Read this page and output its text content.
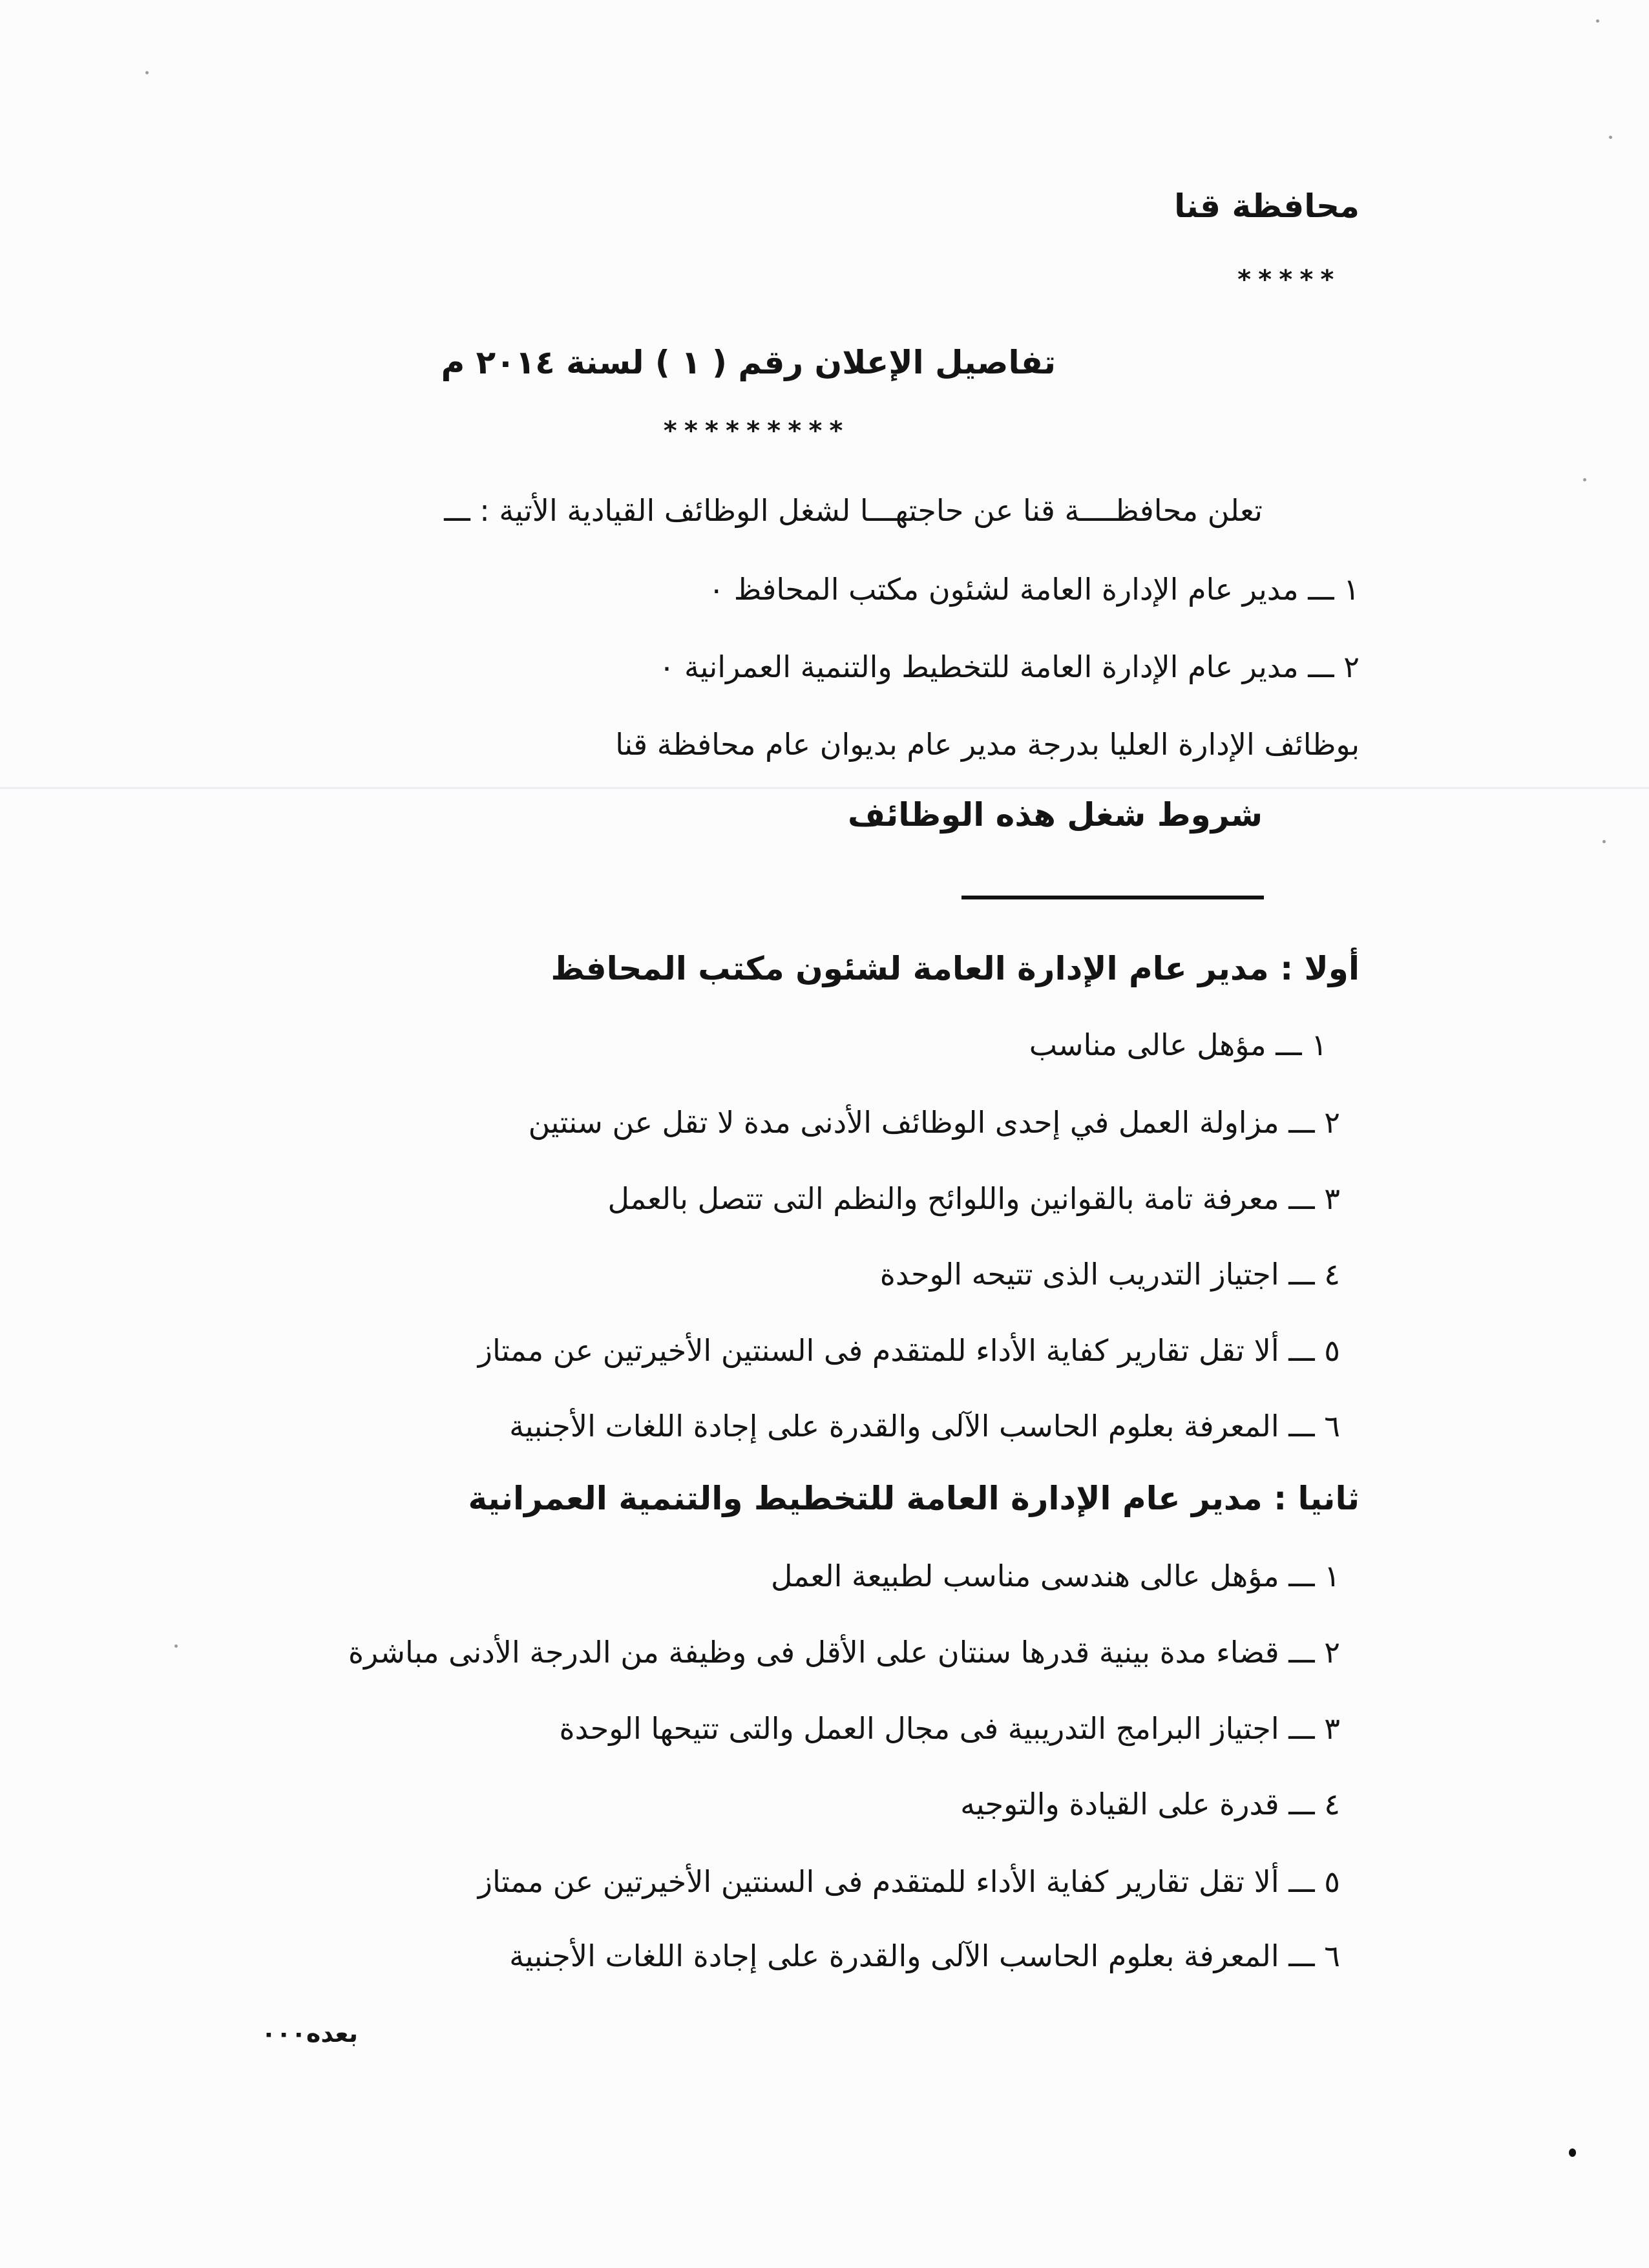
محافظة قنا
*****
تفاصيل الإعلان رقم ( ١ ) لسنة ٢٠١٤ م
*********
تعلن محافظــــة قنا عن حاجتهـــا لشغل الوظائف القيادية الأتية : ـــ
١ ـــ مدير عام الإدارة العامة لشئون مكتب المحافظ ٠
٢ ـــ مدير عام الإدارة العامة للتخطيط والتنمية العمرانية ٠
بوظائف الإدارة العليا بدرجة مدير عام بديوان عام محافظة قنا
شروط شغل هذه الوظائف
أولا : مدير عام الإدارة العامة لشئون مكتب المحافظ
١ ـــ مؤهل عالى مناسب
٢ ـــ مزاولة العمل في إحدى الوظائف الأدنى مدة لا تقل عن سنتين
٣ ـــ معرفة تامة بالقوانين واللوائح والنظم التى تتصل بالعمل
٤ ـــ اجتياز التدريب الذى تتيحه الوحدة
٥ ـــ ألا تقل تقارير كفاية الأداء للمتقدم فى السنتين الأخيرتين عن ممتاز
٦ ـــ المعرفة بعلوم الحاسب الآلى والقدرة على إجادة اللغات الأجنبية
ثانيا : مدير عام الإدارة العامة للتخطيط والتنمية العمرانية
١ ـــ مؤهل عالى هندسى مناسب لطبيعة العمل
٢ ـــ قضاء مدة بينية قدرها سنتان على الأقل فى وظيفة من الدرجة الأدنى مباشرة
٣ ـــ اجتياز البرامج التدريبية فى مجال العمل والتى تتيحها الوحدة
٤ ـــ قدرة على القيادة والتوجيه
٥ ـــ ألا تقل تقارير كفاية الأداء للمتقدم فى السنتين الأخيرتين عن ممتاز
٦ ـــ المعرفة بعلوم الحاسب الآلى والقدرة على إجادة اللغات الأجنبية
بعده٠٠٠
